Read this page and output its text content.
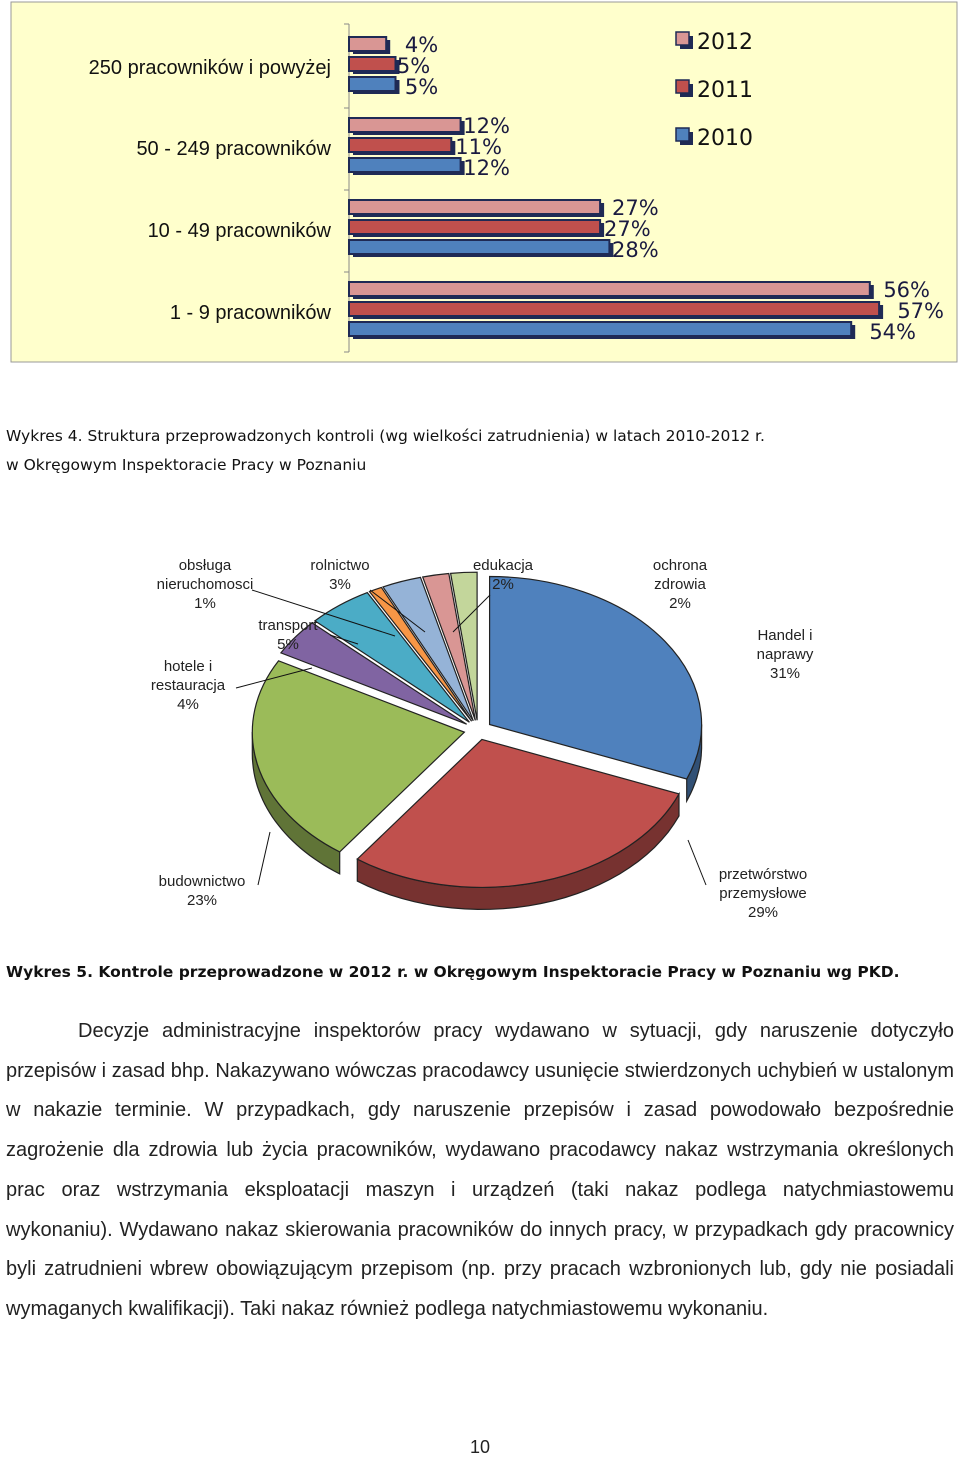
250 pracowników i powyżej
4%
5%
5%
50 - 249 pracowników
12%
11%
12%
10 - 49 pracowników
27%
27%
28%
1 - 9 pracowników
56%
57%
54%
2012
2011
2010
Wykres 4. Struktura przeprowadzonych kontroli (wg wielkości zatrudnienia) w latach 2010-2012 r.
w Okręgowym Inspektoracie Pracy w Poznaniu
Handel i
naprawy
31%
przetwórstwo
przemysłowe
29%
budownictwo
23%
hotele i
restauracja
4%
transport
5%
obsługa
nieruchomosci
1%
rolnictwo
3%
edukacja
2%
ochrona
zdrowia
2%
Wykres 5. Kontrole przeprowadzone w 2012 r. w Okręgowym Inspektoracie Pracy w Poznaniu wg PKD.

Decyzje administracyjne inspektorów pracy wydawano w sytuacji, gdy naruszenie dotyczyło przepisów i zasad bhp. Nakazywano wówczas pracodawcy usunięcie stwierdzonych uchybień w ustalonym w nakazie terminie. W przypadkach, gdy naruszenie przepisów i zasad powodowało bezpośrednie zagrożenie dla zdrowia lub życia pracowników, wydawano pracodawcy nakaz wstrzymania określonych prac oraz wstrzymania eksploatacji maszyn i urządzeń (taki nakaz podlega natychmiastowemu wykonaniu). Wydawano nakaz skierowania pracowników do innych pracy, w przypadkach gdy pracownicy byli zatrudnieni wbrew obowiązującym przepisom (np. przy pracach wzbronionych lub, gdy nie posiadali wymaganych kwalifikacji). Taki nakaz również podlega natychmiastowemu wykonaniu.

10
